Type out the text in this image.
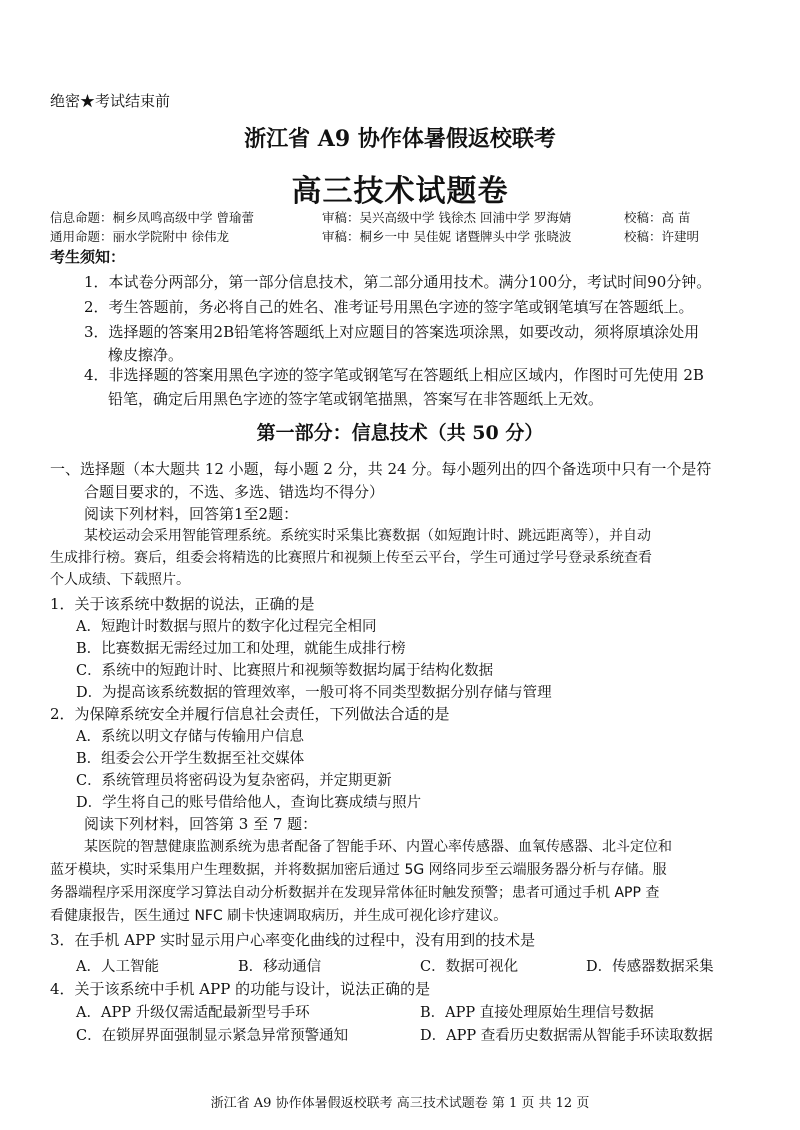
绝密★考试结束前
浙江省 A9 协作体暑假返校联考
高三技术试题卷
信息命题：桐乡凤鸣高级中学 曾瑜蕾	审稿：吴兴高级中学 钱徐杰 回浦中学 罗海婧	校稿：高 苗
通用命题：丽水学院附中 徐伟龙	审稿：桐乡一中 吴佳妮 诸暨牌头中学 张晓波	校稿：许建明
考生须知：
1．本试卷分两部分，第一部分信息技术，第二部分通用技术。满分100分，考试时间90分钟。
2．考生答题前，务必将自己的姓名、准考证号用黑色字迹的签字笔或钢笔填写在答题纸上。
3．选择题的答案用2B铅笔将答题纸上对应题目的答案选项涂黑，如要改动，须将原填涂处用
橡皮擦净。
4．非选择题的答案用黑色字迹的签字笔或钢笔写在答题纸上相应区域内，作图时可先使用 2B
铅笔，确定后用黑色字迹的签字笔或钢笔描黑，答案写在非答题纸上无效。
第一部分：信息技术（共 50 分）
一、选择题（本大题共 12 小题，每小题 2 分，共 24 分。每小题列出的四个备选项中只有一个是符
合题目要求的，不选、多选、错选均不得分）
阅读下列材料，回答第1至2题：
某校运动会采用智能管理系统。系统实时采集比赛数据（如短跑计时、跳远距离等），并自动
生成排行榜。赛后，组委会将精选的比赛照片和视频上传至云平台，学生可通过学号登录系统查看
个人成绩、下载照片。
1．关于该系统中数据的说法，正确的是
A．短跑计时数据与照片的数字化过程完全相同
B．比赛数据无需经过加工和处理，就能生成排行榜
C．系统中的短跑计时、比赛照片和视频等数据均属于结构化数据
D．为提高该系统数据的管理效率，一般可将不同类型数据分别存储与管理
2．为保障系统安全并履行信息社会责任，下列做法合适的是
A．系统以明文存储与传输用户信息
B．组委会公开学生数据至社交媒体
C．系统管理员将密码设为复杂密码，并定期更新
D．学生将自己的账号借给他人，查询比赛成绩与照片
阅读下列材料，回答第 3 至 7 题：
某医院的智慧健康监测系统为患者配备了智能手环、内置心率传感器、血氧传感器、北斗定位和
蓝牙模块，实时采集用户生理数据，并将数据加密后通过 5G 网络同步至云端服务器分析与存储。服
务器端程序采用深度学习算法自动分析数据并在发现异常体征时触发预警；患者可通过手机 APP 查
看健康报告，医生通过 NFC 刷卡快速调取病历，并生成可视化诊疗建议。
3．在手机 APP 实时显示用户心率变化曲线的过程中，没有用到的技术是
A．人工智能	B．移动通信	C．数据可视化	D．传感器数据采集
4．关于该系统中手机 APP 的功能与设计，说法正确的是
A．APP 升级仅需适配最新型号手环	B．APP 直接处理原始生理信号数据
C．在锁屏界面强制显示紧急异常预警通知	D．APP 查看历史数据需从智能手环读取数据
浙江省 A9 协作体暑假返校联考 高三技术试题卷 第 1 页 共 12 页
